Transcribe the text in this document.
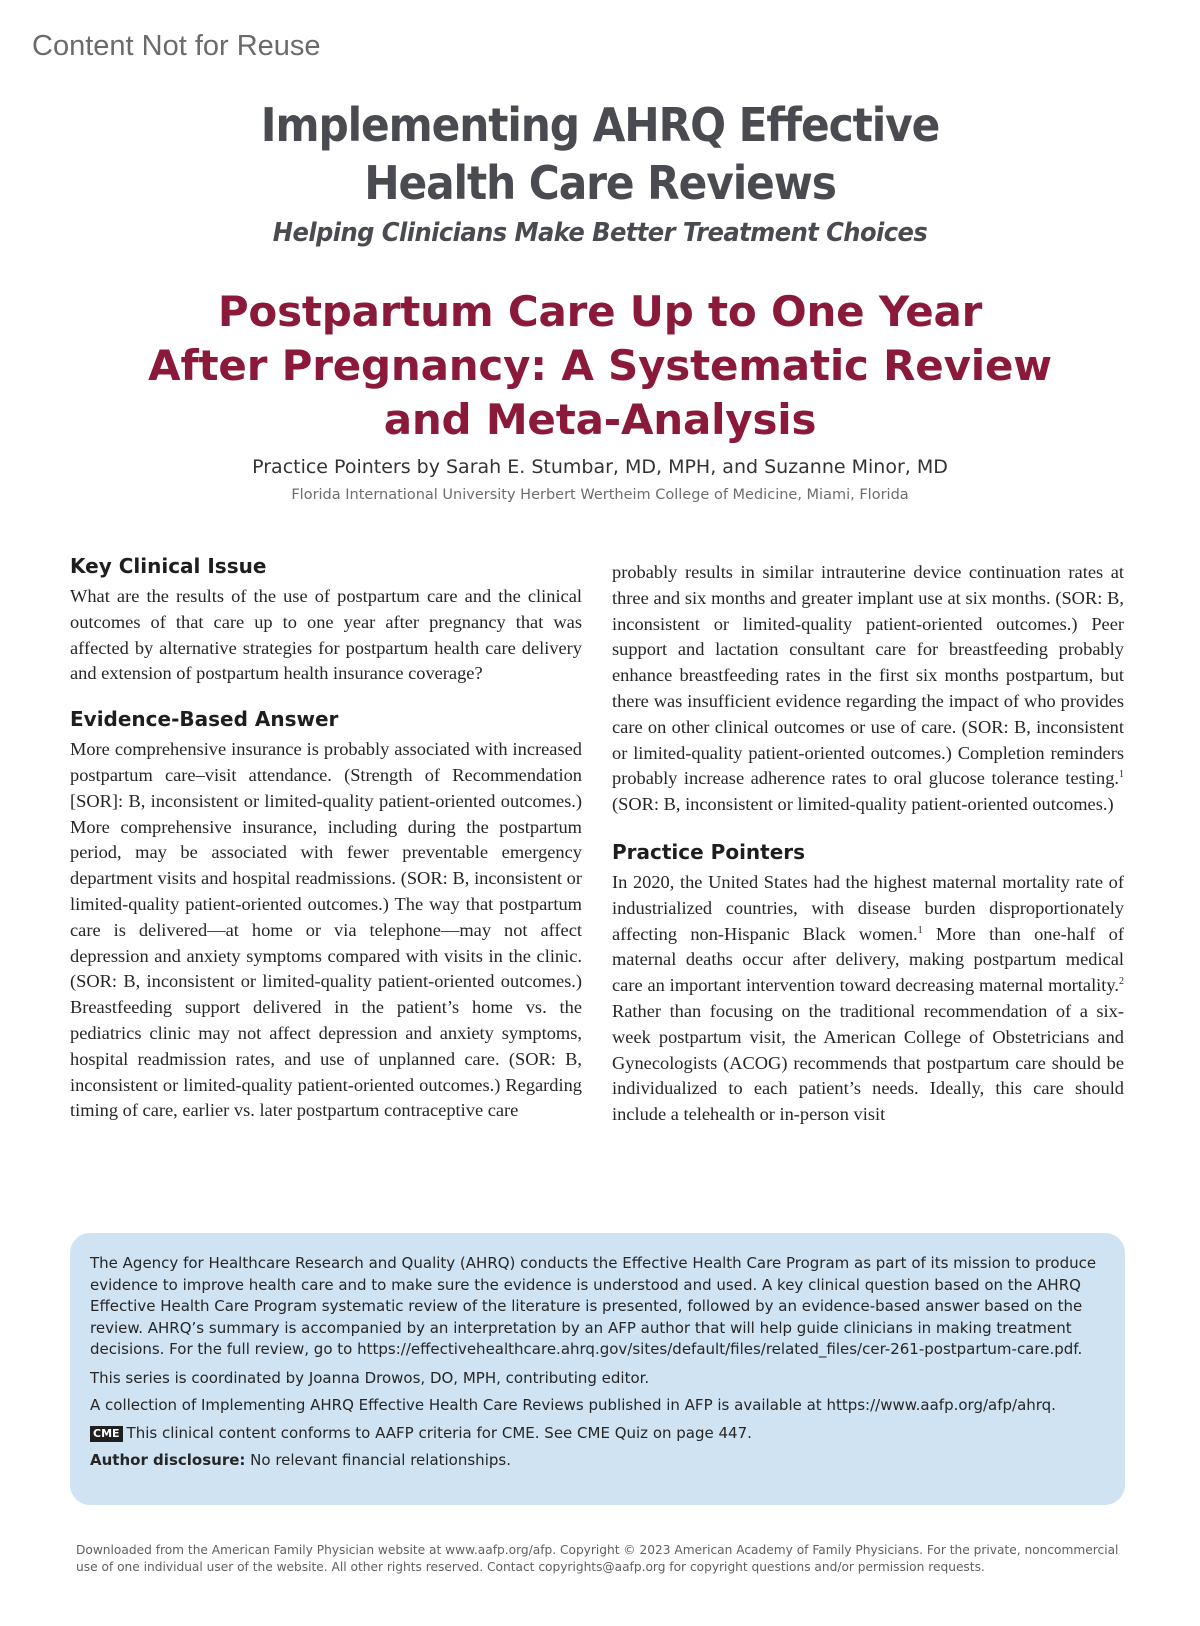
Content Not for Reuse
Implementing AHRQ Effective
Health Care Reviews
Helping Clinicians Make Better Treatment Choices
Postpartum Care Up to One Year
After Pregnancy: A Systematic Review
and Meta-Analysis
Practice Pointers by Sarah E. Stumbar, MD, MPH, and Suzanne Minor, MD
Florida International University Herbert Wertheim College of Medicine, Miami, Florida
Key Clinical Issue

What are the results of the use of postpartum care and the clinical outcomes of that care up to one year after pregnancy that was affected by alternative strategies for postpartum health care delivery and extension of postpartum health insurance coverage?

Evidence-Based Answer

More comprehensive insurance is probably associated with increased postpartum care–visit attendance. (Strength of Recommendation [SOR]: B, inconsistent or limited-quality patient-oriented outcomes.) More comprehensive insurance, including during the postpartum period, may be associated with fewer preventable emergency department visits and hospital readmissions. (SOR: B, inconsistent or limited-quality patient-oriented outcomes.) The way that postpartum care is delivered—at home or via telephone—may not affect depression and anxiety symptoms compared with visits in the clinic. (SOR: B, inconsistent or limited-quality patient-oriented outcomes.) Breastfeeding support delivered in the patient’s home vs. the pediatrics clinic may not affect depression and anxiety symptoms, hospital readmission rates, and use of unplanned care. (SOR: B, inconsistent or limited-quality patient-oriented outcomes.) Regarding timing of care, earlier vs. later postpartum contraceptive care

probably results in similar intrauterine device continuation rates at three and six months and greater implant use at six months. (SOR: B, inconsistent or limited-quality patient-oriented outcomes.) Peer support and lactation consultant care for breastfeeding probably enhance breastfeeding rates in the first six months postpartum, but there was insufficient evidence regarding the impact of who provides care on other clinical outcomes or use of care. (SOR: B, inconsistent or limited-quality patient-oriented outcomes.) Completion reminders probably increase adherence rates to oral glucose tolerance testing.$^1$ (SOR: B, inconsistent or limited-quality patient-oriented outcomes.)

Practice Pointers

In 2020, the United States had the highest maternal mortality rate of industrialized countries, with disease burden disproportionately affecting non-Hispanic Black women.$^1$ More than one-half of maternal deaths occur after delivery, making postpartum medical care an important intervention toward decreasing maternal mortality.$^2$ Rather than focusing on the traditional recommendation of a six-week postpartum visit, the American College of Obstetricians and Gynecologists (ACOG) recommends that postpartum care should be individualized to each patient’s needs. Ideally, this care should include a telehealth or in-person visit

The Agency for Healthcare Research and Quality (AHRQ) conducts the Effective Health Care Program as part of its mission to produce evidence to improve health care and to make sure the evidence is understood and used. A key clinical question based on the AHRQ Effective Health Care Program systematic review of the literature is presented, followed by an evidence-based answer based on the review. AHRQ’s summary is accompanied by an interpretation by an AFP author that will help guide clinicians in making treatment decisions. For the full review, go to https://effectivehealthcare.ahrq.gov/sites/default/files/related_files/cer-261-postpartum-care.pdf.

This series is coordinated by Joanna Drowos, DO, MPH, contributing editor.

A collection of Implementing AHRQ Effective Health Care Reviews published in AFP is available at https://www.aafp.org/afp/ahrq.

CME This clinical content conforms to AAFP criteria for CME. See CME Quiz on page 447.

Author disclosure: No relevant financial relationships.

Downloaded from the American Family Physician website at www.aafp.org/afp. Copyright © 2023 American Academy of Family Physicians. For the private, noncommercial use of one individual user of the website. All other rights reserved. Contact copyrights@aafp.org for copyright questions and/or permission requests.
